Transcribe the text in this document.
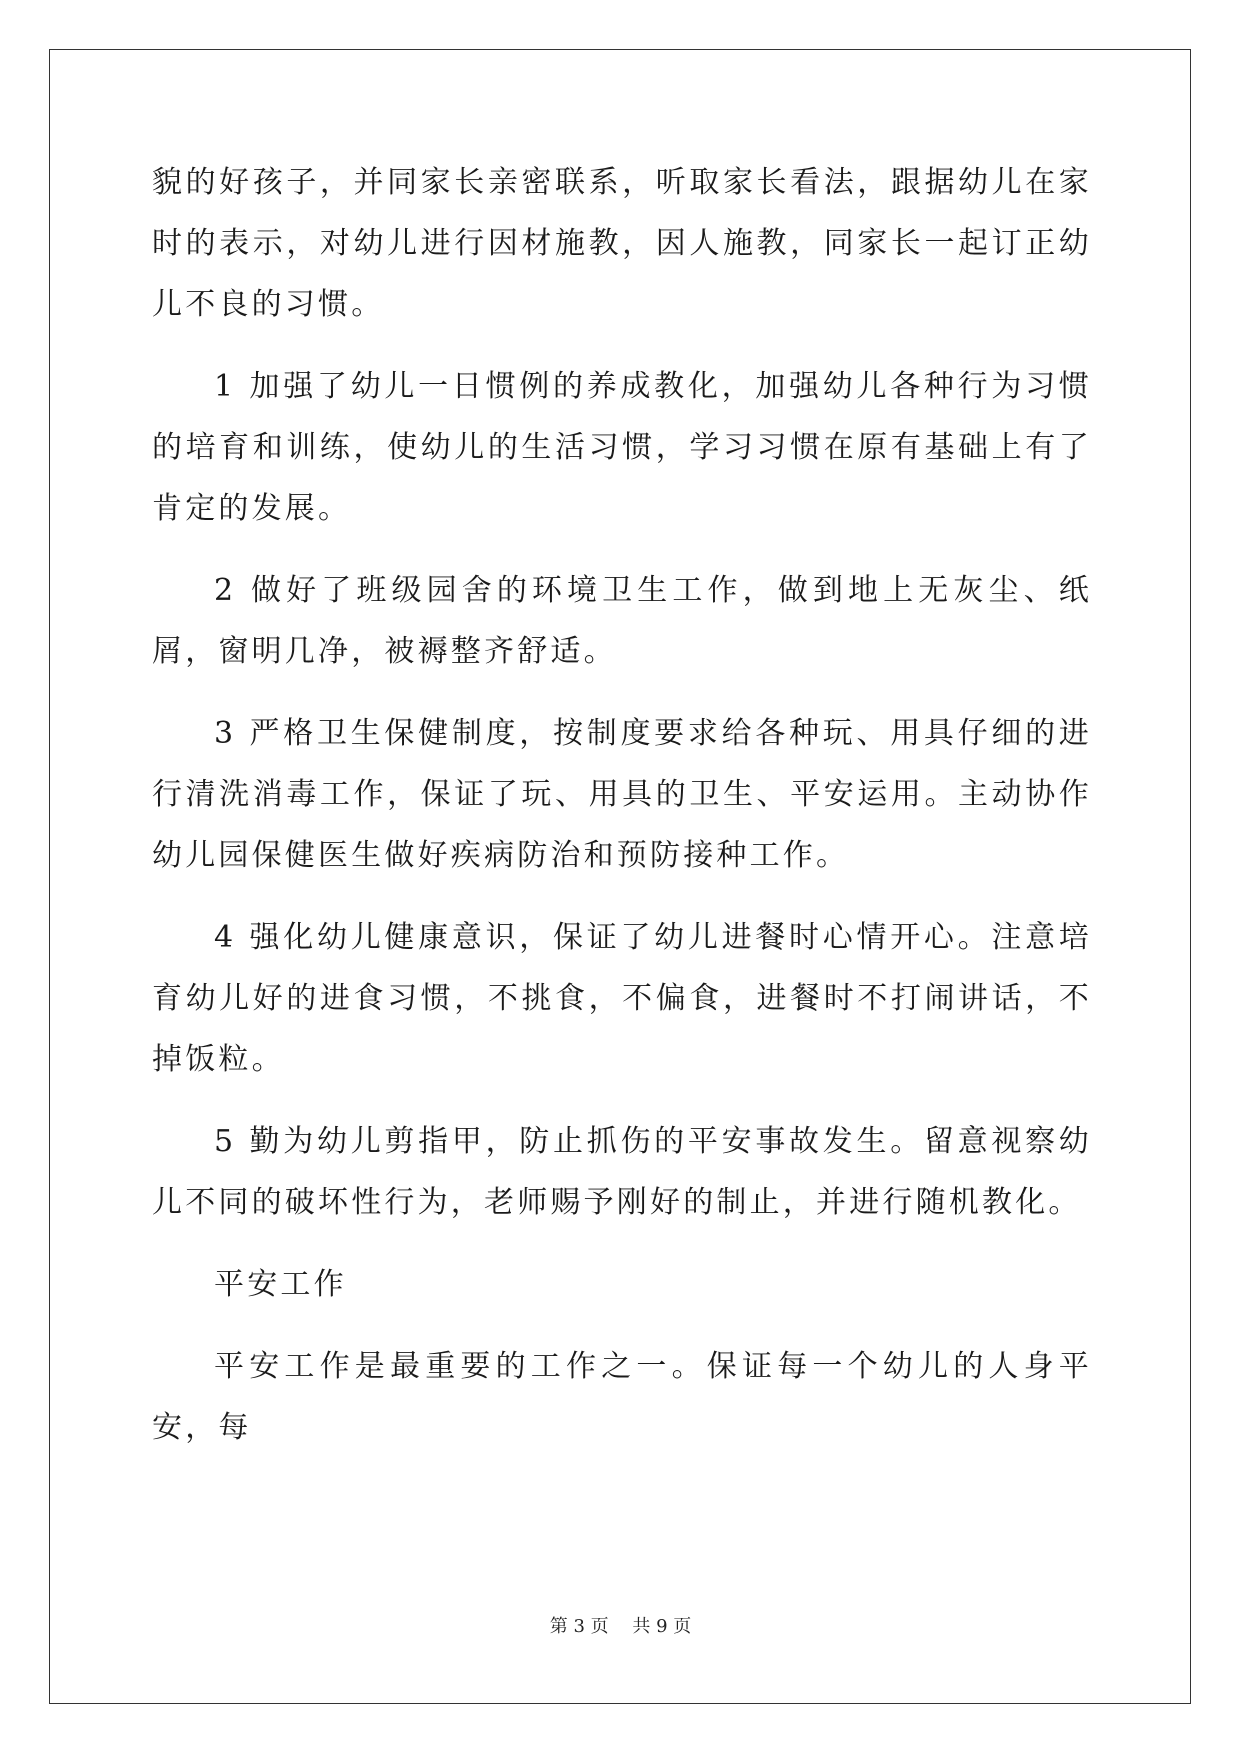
貌的好孩子，并同家长亲密联系，听取家长看法，跟据幼儿在家时的表示，对幼儿进行因材施教，因人施教，同家长一起订正幼儿不良的习惯。

1 加强了幼儿一日惯例的养成教化，加强幼儿各种行为习惯的培育和训练，使幼儿的生活习惯，学习习惯在原有基础上有了肯定的发展。

2 做好了班级园舍的环境卫生工作，做到地上无灰尘、纸屑，窗明几净，被褥整齐舒适。

3 严格卫生保健制度，按制度要求给各种玩、用具仔细的进行清洗消毒工作，保证了玩、用具的卫生、平安运用。主动协作幼儿园保健医生做好疾病防治和预防接种工作。

4 强化幼儿健康意识，保证了幼儿进餐时心情开心。注意培育幼儿好的进食习惯，不挑食，不偏食，进餐时不打闹讲话，不掉饭粒。

5 勤为幼儿剪指甲，防止抓伤的平安事故发生。留意视察幼儿不同的破坏性行为，老师赐予刚好的制止，并进行随机教化。

平安工作

平安工作是最重要的工作之一。保证每一个幼儿的人身平安，每

第 3 页 共 9 页
